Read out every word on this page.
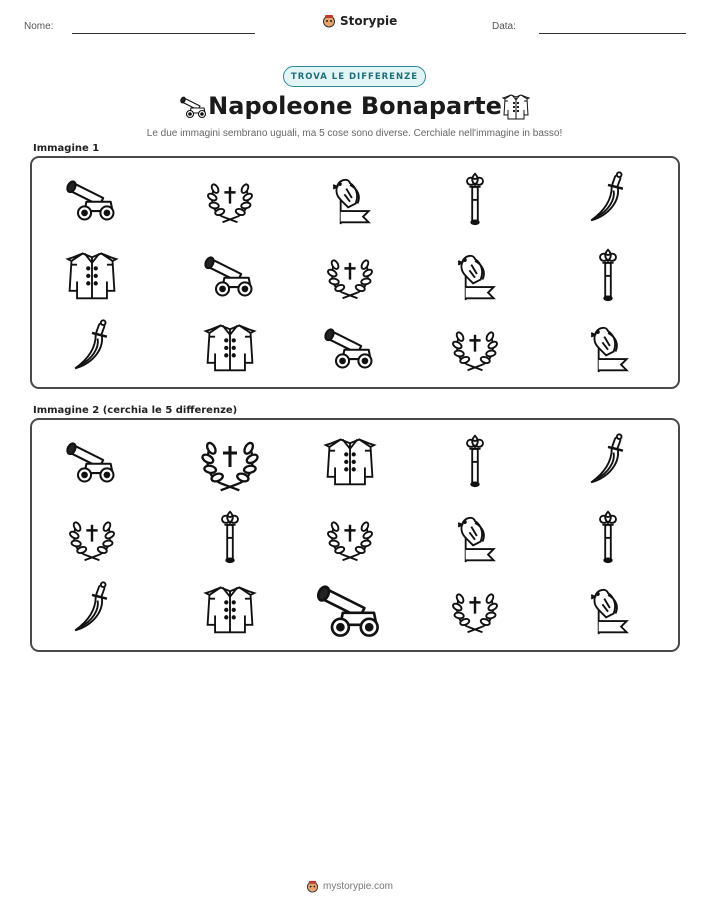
Nome:	Storypie	Data:
TROVA LE DIFFERENZE
Napoleone Bonaparte
Le due immagini sembrano uguali, ma 5 cose sono diverse. Cerchiale nell'immagine in basso!
Immagine 1
Immagine 2 (cerchia le 5 differenze)
mystorypie.com
